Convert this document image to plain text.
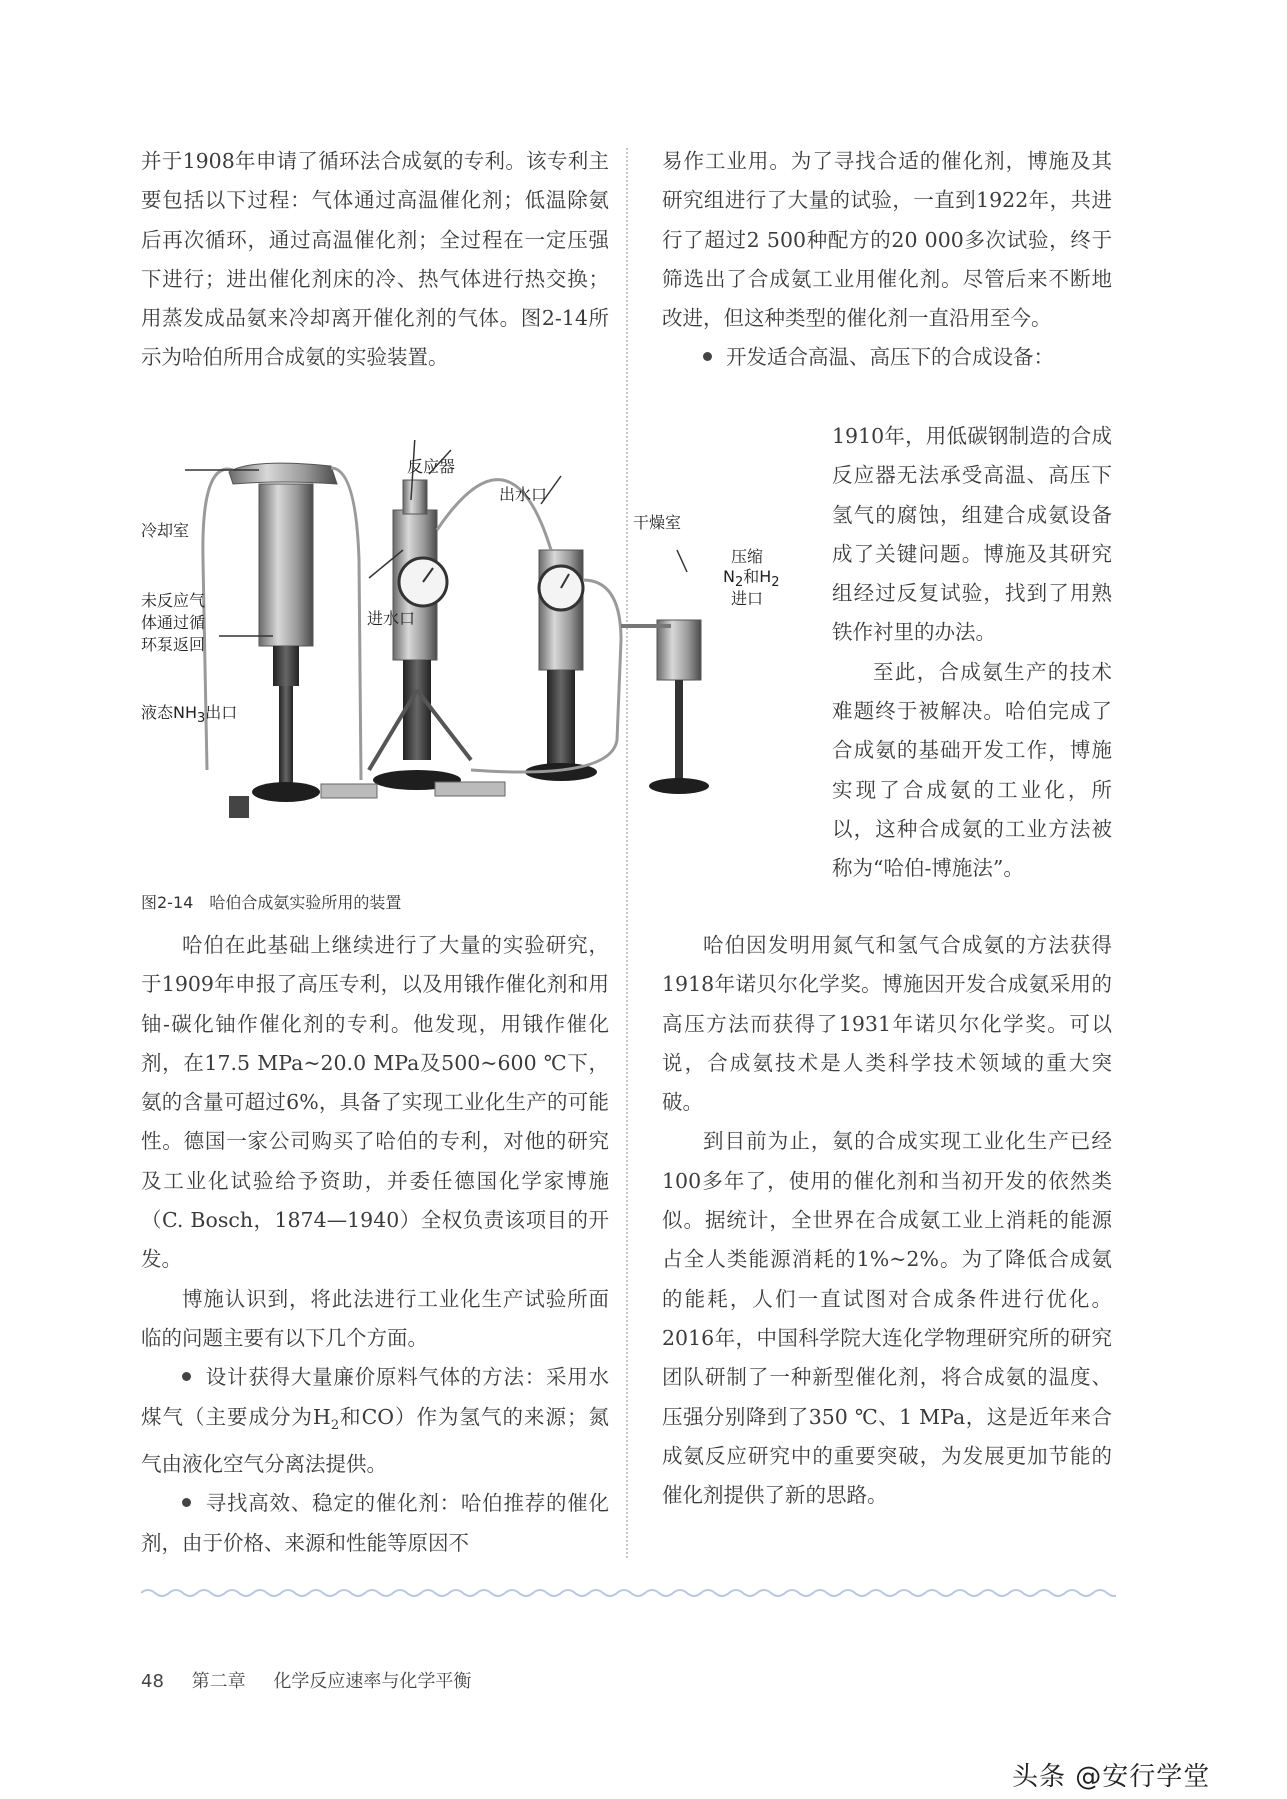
并于1908年申请了循环法合成氨的专利。该专利主要包括以下过程：气体通过高温催化剂；低温除氨后再次循环，通过高温催化剂；全过程在一定压强下进行；进出催化剂床的冷、热气体进行热交换；用蒸发成品氨来冷却离开催化剂的气体。图2-14所示为哈伯所用合成氨的实验装置。

冷却室
未反应气
体通过循
环泵返回
液态$NH_3$出口
反应器
出水口
进水口
干燥室
压缩
$N_2$和$H_2$
进口
图2-14　哈伯合成氨实验所用的装置

哈伯在此基础上继续进行了大量的实验研究，于1909年申报了高压专利，以及用锇作催化剂和用铀-碳化铀作催化剂的专利。他发现，用锇作催化剂，在17.5 MPa~20.0 MPa及500~600 ℃下，氨的含量可超过6%，具备了实现工业化生产的可能性。德国一家公司购买了哈伯的专利，对他的研究及工业化试验给予资助，并委任德国化学家博施（C. Bosch，1874—1940）全权负责该项目的开发。

博施认识到，将此法进行工业化生产试验所面临的问题主要有以下几个方面。

设计获得大量廉价原料气体的方法：采用水煤气（主要成分为$H_2$和CO）作为氢气的来源；氮气由液化空气分离法提供。

寻找高效、稳定的催化剂：哈伯推荐的催化剂，由于价格、来源和性能等原因不

易作工业用。为了寻找合适的催化剂，博施及其研究组进行了大量的试验，一直到1922年，共进行了超过2 500种配方的20 000多次试验，终于筛选出了合成氨工业用催化剂。尽管后来不断地改进，但这种类型的催化剂一直沿用至今。

开发适合高温、高压下的合成设备：

1910年，用低碳钢制造的合成反应器无法承受高温、高压下氢气的腐蚀，组建合成氨设备成了关键问题。博施及其研究组经过反复试验，找到了用熟铁作衬里的办法。

至此，合成氨生产的技术难题终于被解决。哈伯完成了合成氨的基础开发工作，博施实现了合成氨的工业化，所以，这种合成氨的工业方法被称为“哈伯-博施法”。

哈伯因发明用氮气和氢气合成氨的方法获得1918年诺贝尔化学奖。博施因开发合成氨采用的高压方法而获得了1931年诺贝尔化学奖。可以说，合成氨技术是人类科学技术领域的重大突破。

到目前为止，氨的合成实现工业化生产已经100多年了，使用的催化剂和当初开发的依然类似。据统计，全世界在合成氨工业上消耗的能源占全人类能源消耗的1%~2%。为了降低合成氨的能耗，人们一直试图对合成条件进行优化。2016年，中国科学院大连化学物理研究所的研究团队研制了一种新型催化剂，将合成氨的温度、压强分别降到了350 ℃、1 MPa，这是近年来合成氨反应研究中的重要突破，为发展更加节能的催化剂提供了新的思路。

48 第二章 化学反应速率与化学平衡
头条 @安行学堂
